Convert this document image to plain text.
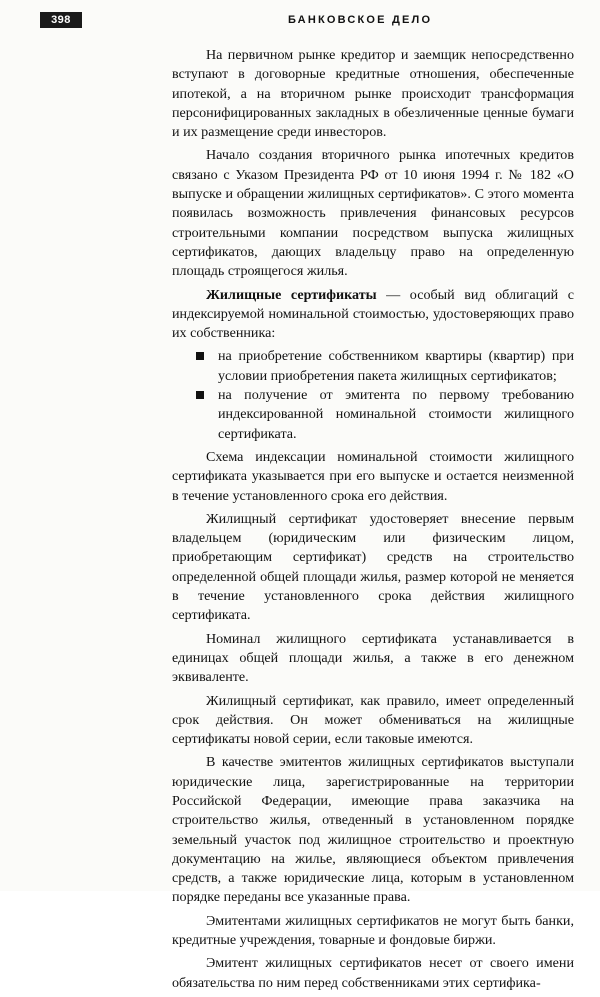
398	БАНКОВСКОЕ ДЕЛО

На первичном рынке кредитор и заемщик непосредственно вступают в договорные кредитные отношения, обеспеченные ипотекой, а на вторичном рынке происходит трансформация персонифицированных закладных в обезличенные ценные бумаги и их размещение среди инвесторов.

Начало создания вторичного рынка ипотечных кредитов связано с Указом Президента РФ от 10 июня 1994 г. № 182 «О выпуске и обращении жилищных сертификатов». С этого момента появилась возможность привлечения финансовых ресурсов строительными компании посредством выпуска жилищных сертификатов, дающих владельцу право на определенную площадь строящегося жилья.

Жилищные сертификаты — особый вид облигаций с индексируемой номинальной стоимостью, удостоверяющих право их собственника:

на приобретение собственником квартиры (квартир) при условии приобретения пакета жилищных сертификатов;
на получение от эмитента по первому требованию индексированной номинальной стоимости жилищного сертификата.

Схема индексации номинальной стоимости жилищного сертификата указывается при его выпуске и остается неизменной в течение установленного срока его действия.

Жилищный сертификат удостоверяет внесение первым владельцем (юридическим или физическим лицом, приобретающим сертификат) средств на строительство определенной общей площади жилья, размер которой не меняется в течение установленного срока действия жилищного сертификата.

Номинал жилищного сертификата устанавливается в единицах общей площади жилья, а также в его денежном эквиваленте.

Жилищный сертификат, как правило, имеет определенный срок действия. Он может обмениваться на жилищные сертификаты новой серии, если таковые имеются.

В качестве эмитентов жилищных сертификатов выступали юридические лица, зарегистрированные на территории Российской Федерации, имеющие права заказчика на строительство жилья, отведенный в установленном порядке земельный участок под жилищное строительство и проектную документацию на жилье, являющиеся объектом привлечения средств, а также юридические лица, которым в установленном порядке переданы все указанные права.

Эмитентами жилищных сертификатов не могут быть банки, кредитные учреждения, товарные и фондовые биржи.

Эмитент жилищных сертификатов несет от своего имени обязательства по ним перед собственниками этих сертифика-
